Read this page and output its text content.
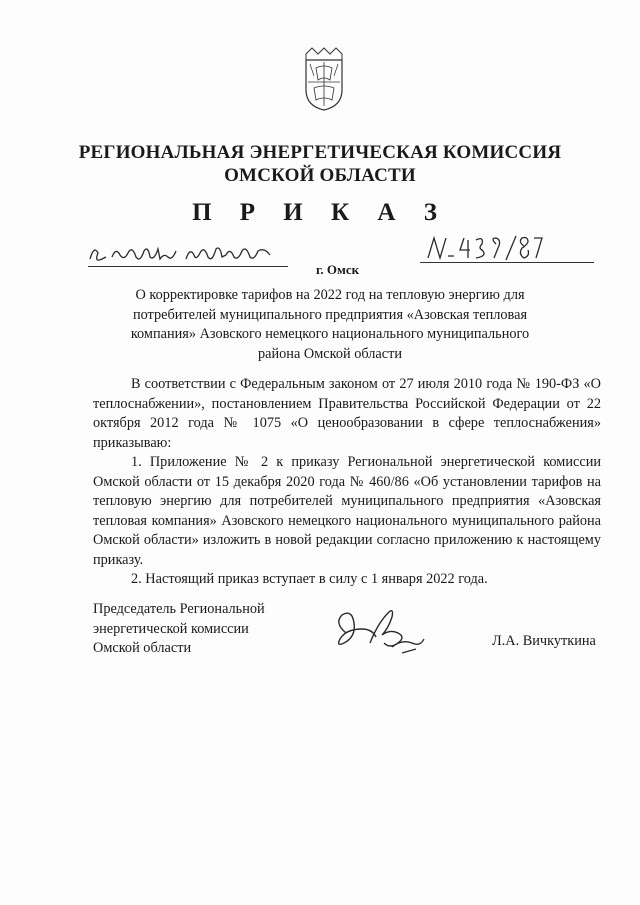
РЕГИОНАЛЬНАЯ ЭНЕРГЕТИЧЕСКАЯ КОМИССИЯ
ОМСКОЙ ОБЛАСТИ
П Р И К А З
г. Омск
О корректировке тарифов на 2022 год на тепловую энергию для потребителей муниципального предприятия «Азовская тепловая компания» Азовского немецкого национального муниципального района Омской области

В соответствии с Федеральным законом от 27 июля 2010 года № 190-ФЗ «О теплоснабжении», постановлением Правительства Российской Федерации от 22 октября 2012 года № 1075 «О ценообразовании в сфере теплоснабжения» приказываю:

1. Приложение № 2 к приказу Региональной энергетической комиссии Омской области от 15 декабря 2020 года № 460/86 «Об установлении тарифов на тепловую энергию для потребителей муниципального предприятия «Азовская тепловая компания» Азовского немецкого национального муниципального района Омской области» изложить в новой редакции согласно приложению к настоящему приказу.

2. Настоящий приказ вступает в силу с 1 января 2022 года.

Председатель Региональной
энергетической комиссии
Омской области	Л.А. Вичкуткина
